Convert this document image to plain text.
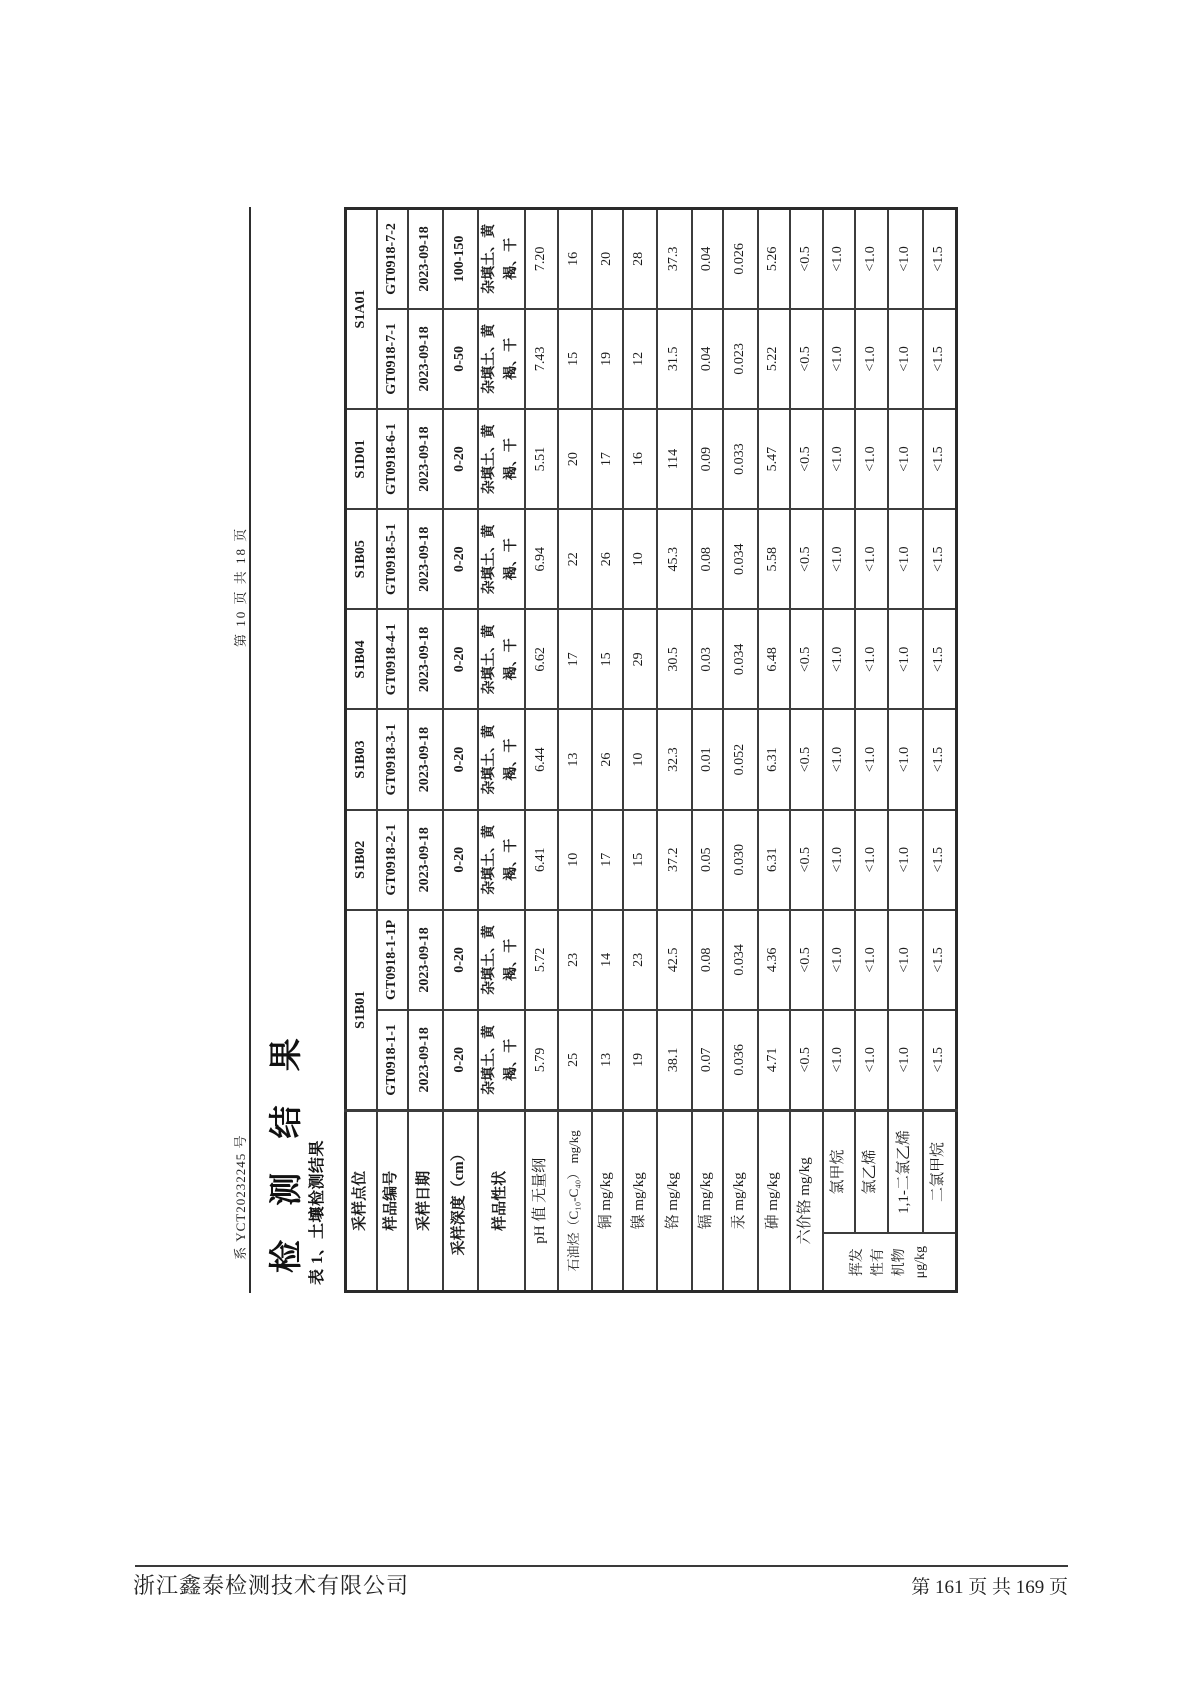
系 YCT20232245 号
第 10 页 共 18 页
检 测 结 果 表 1、土壤检测结果 采样点位		S1B01		S1B02	S1B03	S1B04	S1B05	S1D01	S1A01	
样品编号		GT0918-1-1	GT0918-1-1P	GT0918-2-1	GT0918-3-1	GT0918-4-1	GT0918-5-1	GT0918-6-1	GT0918-7-1	GT0918-7-2
采样日期		2023-09-18	2023-09-18	2023-09-18	2023-09-18	2023-09-18	2023-09-18	2023-09-18	2023-09-18	2023-09-18
采样深度（cm）		0-20	0-20	0-20	0-20	0-20	0-20	0-20	0-50	100-150
样品性状		杂填土、黄褐、干	杂填土、黄褐、干	杂填土、黄褐、干	杂填土、黄褐、干	杂填土、黄褐、干	杂填土、黄褐、干	杂填土、黄褐、干	杂填土、黄褐、干	杂填土、黄褐、干
pH 值 无量纲		5.79	5.72	6.41	6.44	6.62	6.94	5.51	7.43	7.20
石油烃（C₁₀-C₄₀） mg/kg		25	23	10	13	17	22	20	15	16
铜 mg/kg		13	14	17	26	15	26	17	19	20
镍 mg/kg		19	23	15	10	29	10	16	12	28
铬 mg/kg		38.1	42.5	37.2	32.3	30.5	45.3	114	31.5	37.3
镉 mg/kg		0.07	0.08	0.05	0.01	0.03	0.08	0.09	0.04	0.04
汞 mg/kg		0.036	0.034	0.030	0.052	0.034	0.034	0.033	0.023	0.026
砷 mg/kg		4.71	4.36	6.31	6.31	6.48	5.58	5.47	5.22	5.26
六价铬 mg/kg		<0.5	<0.5	<0.5	<0.5	<0.5	<0.5	<0.5	<0.5	<0.5
挥发性有机物 μg/kg	氯甲烷	<1.0	<1.0	<1.0	<1.0	<1.0	<1.0	<1.0	<1.0	<1.0
	氯乙烯	<1.0	<1.0	<1.0	<1.0	<1.0	<1.0	<1.0	<1.0	<1.0
	1,1-二氯乙烯	<1.0	<1.0	<1.0	<1.0	<1.0	<1.0	<1.0	<1.0	<1.0
	二氯甲烷	<1.5	<1.5	<1.5	<1.5	<1.5	<1.5	<1.5	<1.5	<1.5
浙江鑫泰检测技术有限公司	第 161 页 共 169 页
